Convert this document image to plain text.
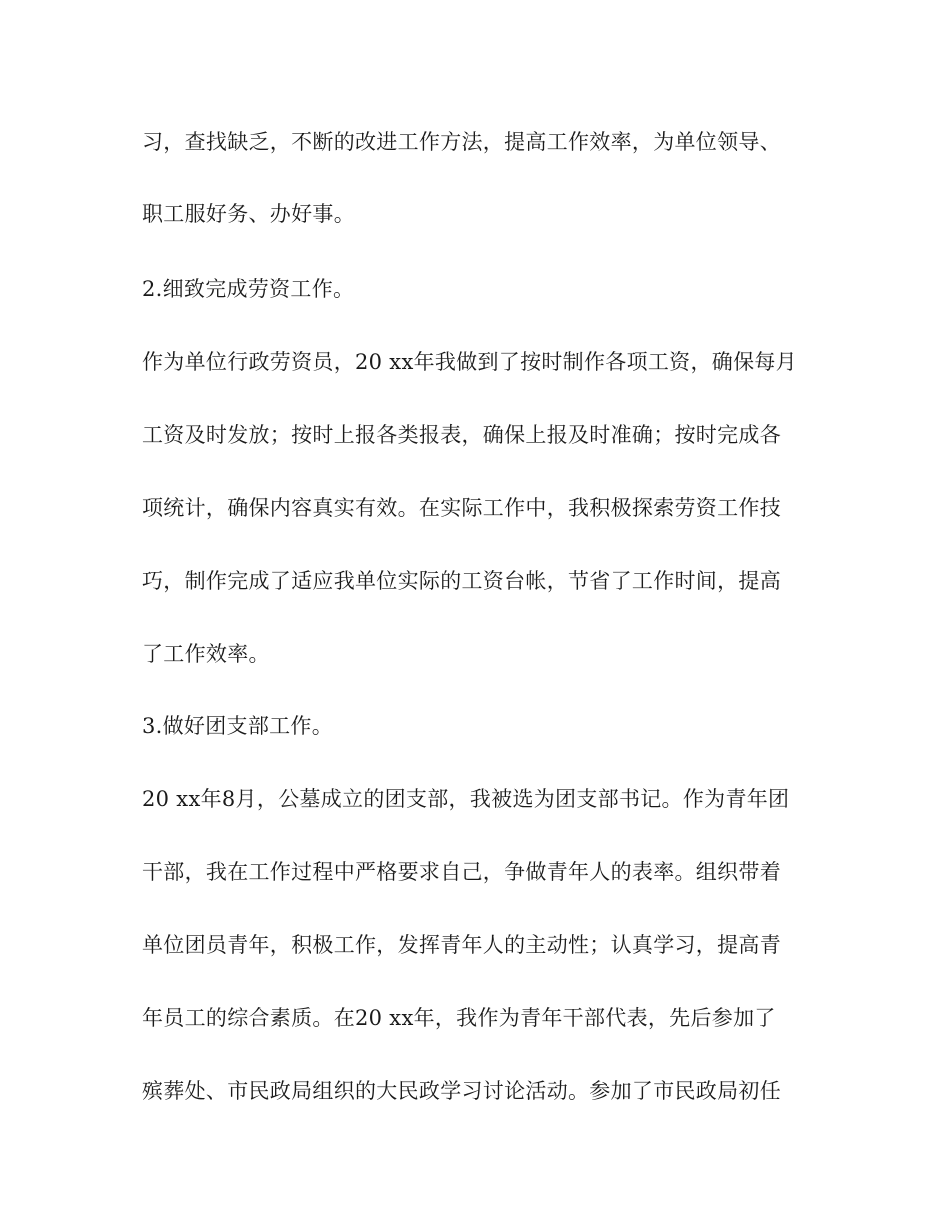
习，查找缺乏，不断的改进工作方法，提高工作效率，为单位领导、
职工服好务、办好事。
2.细致完成劳资工作。
作为单位行政劳资员，20 xx年我做到了按时制作各项工资，确保每月
工资及时发放；按时上报各类报表，确保上报及时准确；按时完成各
项统计，确保内容真实有效。在实际工作中，我积极探索劳资工作技
巧，制作完成了适应我单位实际的工资台帐，节省了工作时间，提高
了工作效率。
3.做好团支部工作。
20 xx年8月，公墓成立的团支部，我被选为团支部书记。作为青年团
干部，我在工作过程中严格要求自己，争做青年人的表率。组织带着
单位团员青年，积极工作，发挥青年人的主动性；认真学习，提高青
年员工的综合素质。在20 xx年，我作为青年干部代表，先后参加了
殡葬处、市民政局组织的大民政学习讨论活动。参加了市民政局初任
